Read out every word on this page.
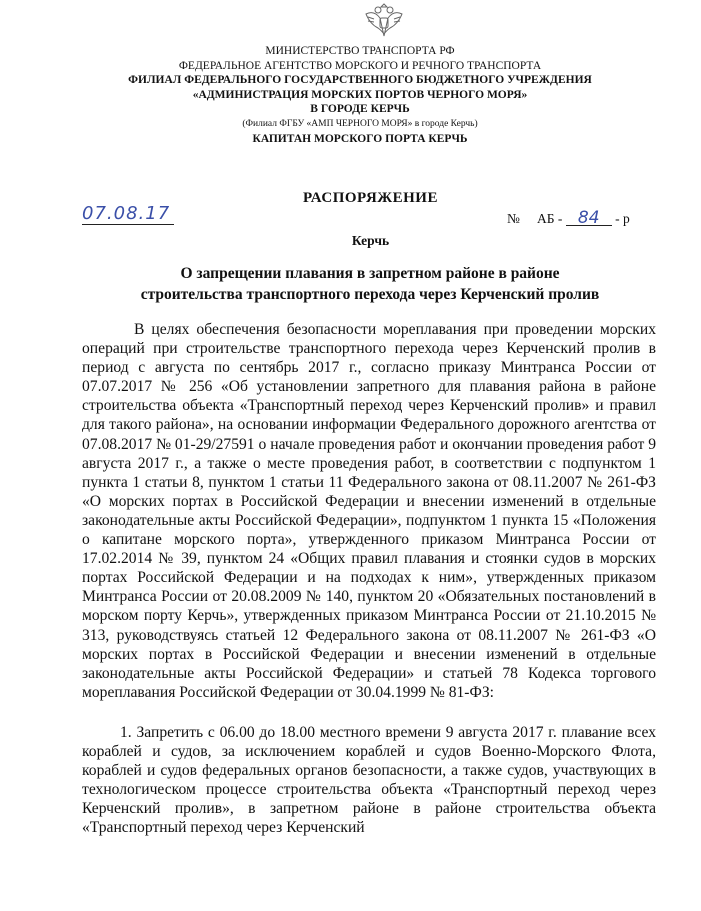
МИНИСТЕРСТВО ТРАНСПОРТА РФ
ФЕДЕРАЛЬНОЕ АГЕНТСТВО МОРСКОГО И РЕЧНОГО ТРАНСПОРТА
ФИЛИАЛ ФЕДЕРАЛЬНОГО ГОСУДАРСТВЕННОГО БЮДЖЕТНОГО УЧРЕЖДЕНИЯ
«АДМИНИСТРАЦИЯ МОРСКИХ ПОРТОВ ЧЕРНОГО МОРЯ»
В ГОРОДЕ КЕРЧЬ
(Филиал ФГБУ «АМП ЧЕРНОГО МОРЯ» в городе Керчь)
КАПИТАН МОРСКОГО ПОРТА КЕРЧЬ
РАСПОРЯЖЕНИЕ
07.08.17	№ АБ - 84 - р
Керчь
О запрещении плавания в запретном районе в районе
строительства транспортного перехода через Керченский пролив

В целях обеспечения безопасности мореплавания при проведении морских операций при строительстве транспортного перехода через Керченский пролив в период с августа по сентябрь 2017 г., согласно приказу Минтранса России от 07.07.2017 № 256 «Об установлении запретного для плавания района в районе строительства объекта «Транспортный переход через Керченский пролив» и правил для такого района», на основании информации Федерального дорожного агентства от 07.08.2017 № 01-29/27591 о начале проведения работ и окончании проведения работ 9 августа 2017 г., а также о месте проведения работ, в соответствии с подпунктом 1 пункта 1 статьи 8, пунктом 1 статьи 11 Федерального закона от 08.11.2007 № 261-ФЗ «О морских портах в Российской Федерации и внесении изменений в отдельные законодательные акты Российской Федерации», подпунктом 1 пункта 15 «Положения о капитане морского порта», утвержденного приказом Минтранса России от 17.02.2014 № 39, пунктом 24 «Общих правил плавания и стоянки судов в морских портах Российской Федерации и на подходах к ним», утвержденных приказом Минтранса России от 20.08.2009 № 140, пунктом 20 «Обязательных постановлений в морском порту Керчь», утвержденных приказом Минтранса России от 21.10.2015 № 313, руководствуясь статьей 12 Федерального закона от 08.11.2007 № 261-ФЗ «О морских портах в Российской Федерации и внесении изменений в отдельные законодательные акты Российской Федерации» и статьей 78 Кодекса торгового мореплавания Российской Федерации от 30.04.1999 № 81-ФЗ:

1. Запретить с 06.00 до 18.00 местного времени 9 августа 2017 г. плавание всех кораблей и судов, за исключением кораблей и судов Военно-Морского Флота, кораблей и судов федеральных органов безопасности, а также судов, участвующих в технологическом процессе строительства объекта «Транспортный переход через Керченский пролив», в запретном районе в районе строительства объекта «Транспортный переход через Керченский
